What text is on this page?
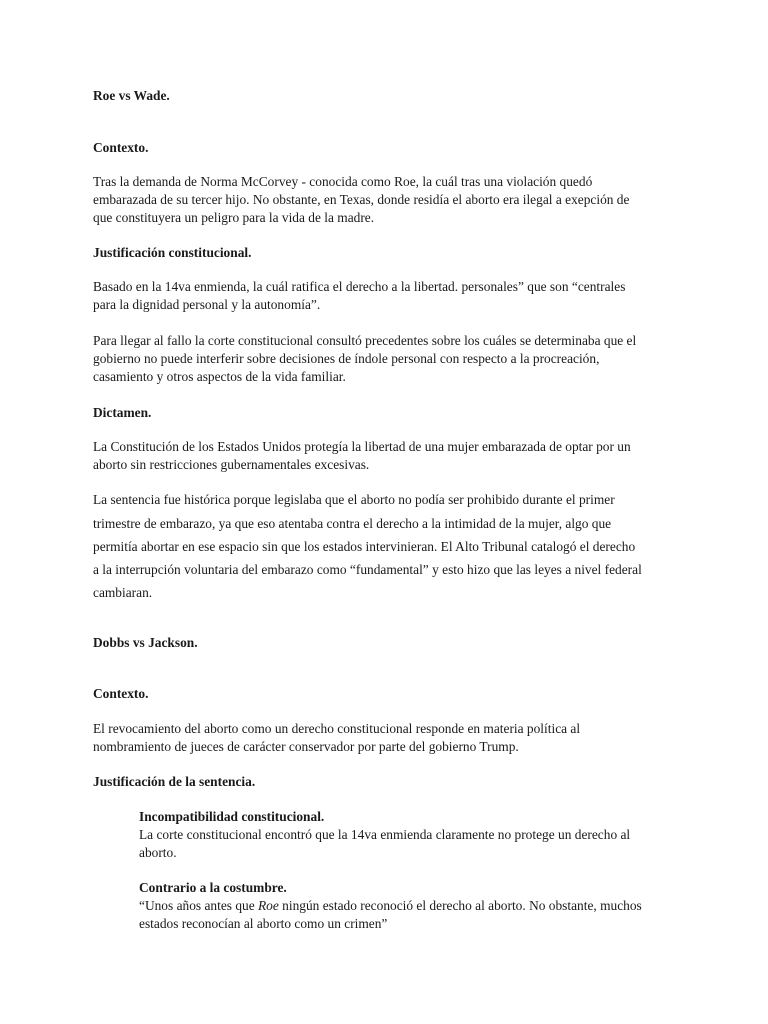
Roe vs Wade.

Contexto.

Tras la demanda de Norma McCorvey - conocida como Roe, la cuál tras una violación quedó

embarazada de su tercer hijo. No obstante, en Texas, donde residía el aborto era ilegal a exepción de

que constituyera un peligro para la vida de la madre.

Justificación constitucional.

Basado en la 14va enmienda, la cuál ratifica el derecho a la libertad. personales” que son “centrales

para la dignidad personal y la autonomía”.

Para llegar al fallo la corte constitucional consultó precedentes sobre los cuáles se determinaba que el

gobierno no puede interferir sobre decisiones de índole personal con respecto a la procreación,

casamiento y otros aspectos de la vida familiar.

Dictamen.

La Constitución de los Estados Unidos protegía la libertad de una mujer embarazada de optar por un

aborto sin restricciones gubernamentales excesivas.

La sentencia fue histórica porque legislaba que el aborto no podía ser prohibido durante el primer

trimestre de embarazo, ya que eso atentaba contra el derecho a la intimidad de la mujer, algo que

permitía abortar en ese espacio sin que los estados intervinieran. El Alto Tribunal catalogó el derecho

a la interrupción voluntaria del embarazo como “fundamental” y esto hizo que las leyes a nivel federal

cambiaran.

Dobbs vs Jackson.

Contexto.

El revocamiento del aborto como un derecho constitucional responde en materia política al

nombramiento de jueces de carácter conservador por parte del gobierno Trump.

Justificación de la sentencia.

Incompatibilidad constitucional.

La corte constitucional encontró que la 14va enmienda claramente no protege un derecho al

aborto.

Contrario a la costumbre.

“Unos años antes que Roe ningún estado reconoció el derecho al aborto. No obstante, muchos

estados reconocían al aborto como un crimen”
